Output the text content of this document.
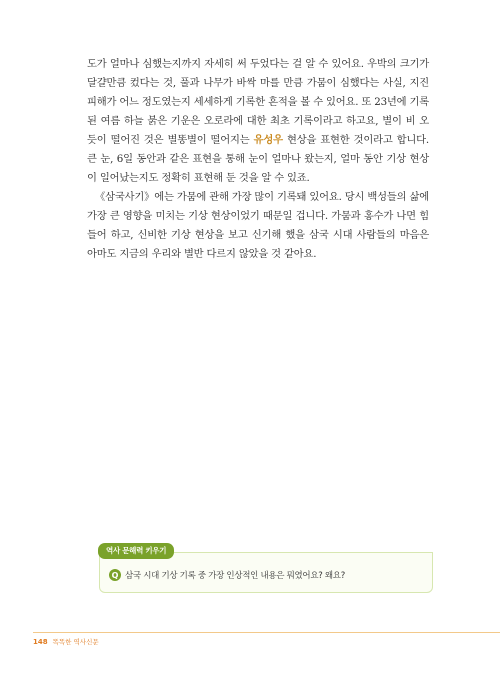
도가 얼마나 심했는지까지 자세히 써 두었다는 걸 알 수 있어요. 우박의 크기가 달걀만큼 컸다는 것, 풀과 나무가 바싹 마를 만큼 가뭄이 심했다는 사실, 지진 피해가 어느 정도였는지 세세하게 기록한 흔적을 볼 수 있어요. 또 23년에 기록된 여름 하늘 붉은 기운은 오로라에 대한 최초 기록이라고 하고요, 별이 비 오듯이 떨어진 것은 별똥별이 떨어지는 유성우 현상을 표현한 것이라고 합니다. 큰 눈, 6일 동안과 같은 표현을 통해 눈이 얼마나 왔는지, 얼마 동안 기상 현상이 일어났는지도 정확히 표현해 둔 것을 알 수 있죠.

《삼국사기》에는 가뭄에 관해 가장 많이 기록돼 있어요. 당시 백성들의 삶에 가장 큰 영향을 미치는 기상 현상이었기 때문일 겁니다. 가뭄과 홍수가 나면 힘들어 하고, 신비한 기상 현상을 보고 신기해 했을 삼국 시대 사람들의 마음은 아마도 지금의 우리와 별반 다르지 않았을 것 같아요.

역사 문해력 키우기
Q 삼국 시대 기상 기록 중 가장 인상적인 내용은 뭐였어요? 왜요?
148 똑똑한 역사신문
